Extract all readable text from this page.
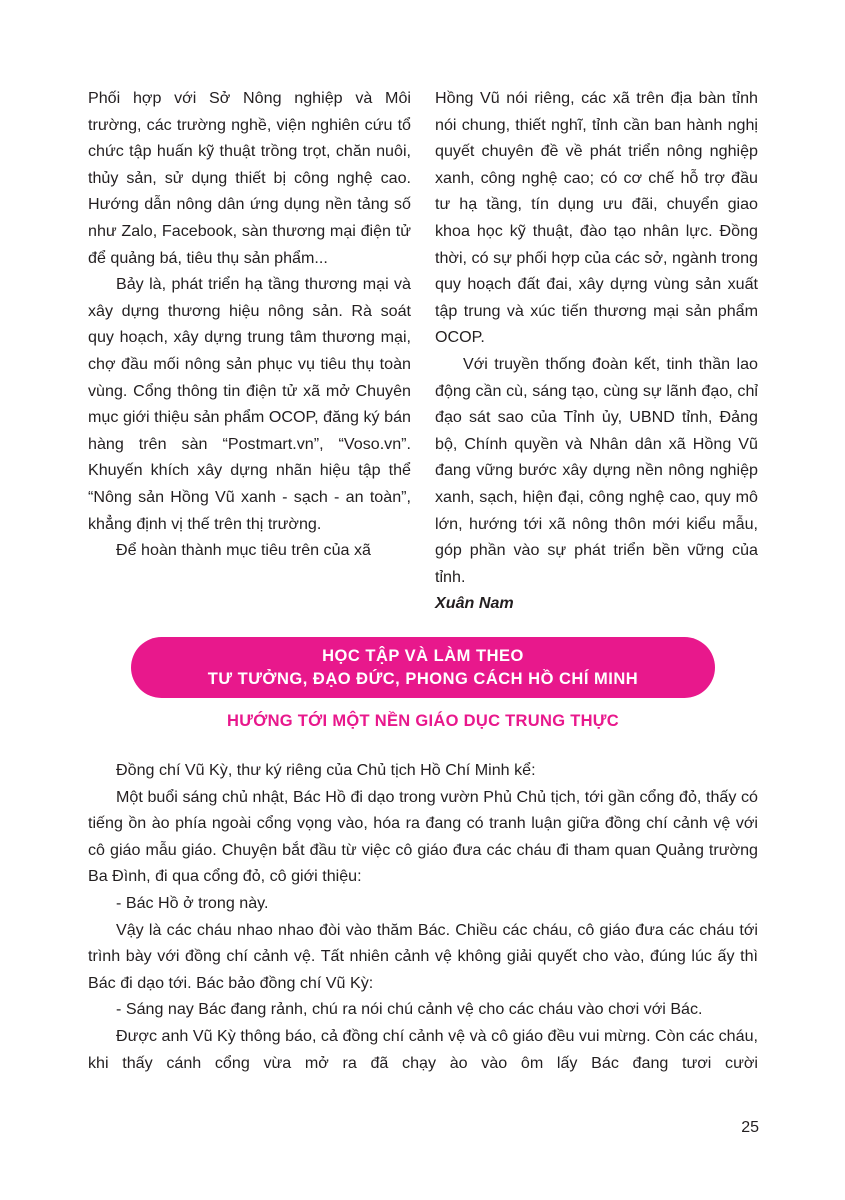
Phối hợp với Sở Nông nghiệp và Môi trường, các trường nghề, viện nghiên cứu tổ chức tập huấn kỹ thuật trồng trọt, chăn nuôi, thủy sản, sử dụng thiết bị công nghệ cao. Hướng dẫn nông dân ứng dụng nền tảng số như Zalo, Facebook, sàn thương mại điện tử để quảng bá, tiêu thụ sản phẩm...

Bảy là, phát triển hạ tầng thương mại và xây dựng thương hiệu nông sản. Rà soát quy hoạch, xây dựng trung tâm thương mại, chợ đầu mối nông sản phục vụ tiêu thụ toàn vùng. Cổng thông tin điện tử xã mở Chuyên mục giới thiệu sản phẩm OCOP, đăng ký bán hàng trên sàn “Postmart.vn”, “Voso.vn”. Khuyến khích xây dựng nhãn hiệu tập thể “Nông sản Hồng Vũ xanh - sạch - an toàn”, khẳng định vị thế trên thị trường.

Để hoàn thành mục tiêu trên của xã

Hồng Vũ nói riêng, các xã trên địa bàn tỉnh nói chung, thiết nghĩ, tỉnh cần ban hành nghị quyết chuyên đề về phát triển nông nghiệp xanh, công nghệ cao; có cơ chế hỗ trợ đầu tư hạ tầng, tín dụng ưu đãi, chuyển giao khoa học kỹ thuật, đào tạo nhân lực. Đồng thời, có sự phối hợp của các sở, ngành trong quy hoạch đất đai, xây dựng vùng sản xuất tập trung và xúc tiến thương mại sản phẩm OCOP.

Với truyền thống đoàn kết, tinh thần lao động cần cù, sáng tạo, cùng sự lãnh đạo, chỉ đạo sát sao của Tỉnh ủy, UBND tỉnh, Đảng bộ, Chính quyền và Nhân dân xã Hồng Vũ đang vững bước xây dựng nền nông nghiệp xanh, sạch, hiện đại, công nghệ cao, quy mô lớn, hướng tới xã nông thôn mới kiểu mẫu, góp phần vào sự phát triển bền vững của tỉnh.

Xuân Nam

HỌC TẬP VÀ LÀM THEO
TƯ TƯỞNG, ĐẠO ĐỨC, PHONG CÁCH HỒ CHÍ MINH
HƯỚNG TỚI MỘT NỀN GIÁO DỤC TRUNG THỰC

Đồng chí Vũ Kỳ, thư ký riêng của Chủ tịch Hồ Chí Minh kể:

Một buổi sáng chủ nhật, Bác Hồ đi dạo trong vườn Phủ Chủ tịch, tới gần cổng đỏ, thấy có tiếng ồn ào phía ngoài cổng vọng vào, hóa ra đang có tranh luận giữa đồng chí cảnh vệ với cô giáo mẫu giáo. Chuyện bắt đầu từ việc cô giáo đưa các cháu đi tham quan Quảng trường Ba Đình, đi qua cổng đỏ, cô giới thiệu:

- Bác Hồ ở trong này.

Vậy là các cháu nhao nhao đòi vào thăm Bác. Chiều các cháu, cô giáo đưa các cháu tới trình bày với đồng chí cảnh vệ. Tất nhiên cảnh vệ không giải quyết cho vào, đúng lúc ấy thì Bác đi dạo tới. Bác bảo đồng chí Vũ Kỳ:

- Sáng nay Bác đang rảnh, chú ra nói chú cảnh vệ cho các cháu vào chơi với Bác.

Được anh Vũ Kỳ thông báo, cả đồng chí cảnh vệ và cô giáo đều vui mừng. Còn các cháu, khi thấy cánh cổng vừa mở ra đã chạy ào vào ôm lấy Bác đang tươi cười

25
